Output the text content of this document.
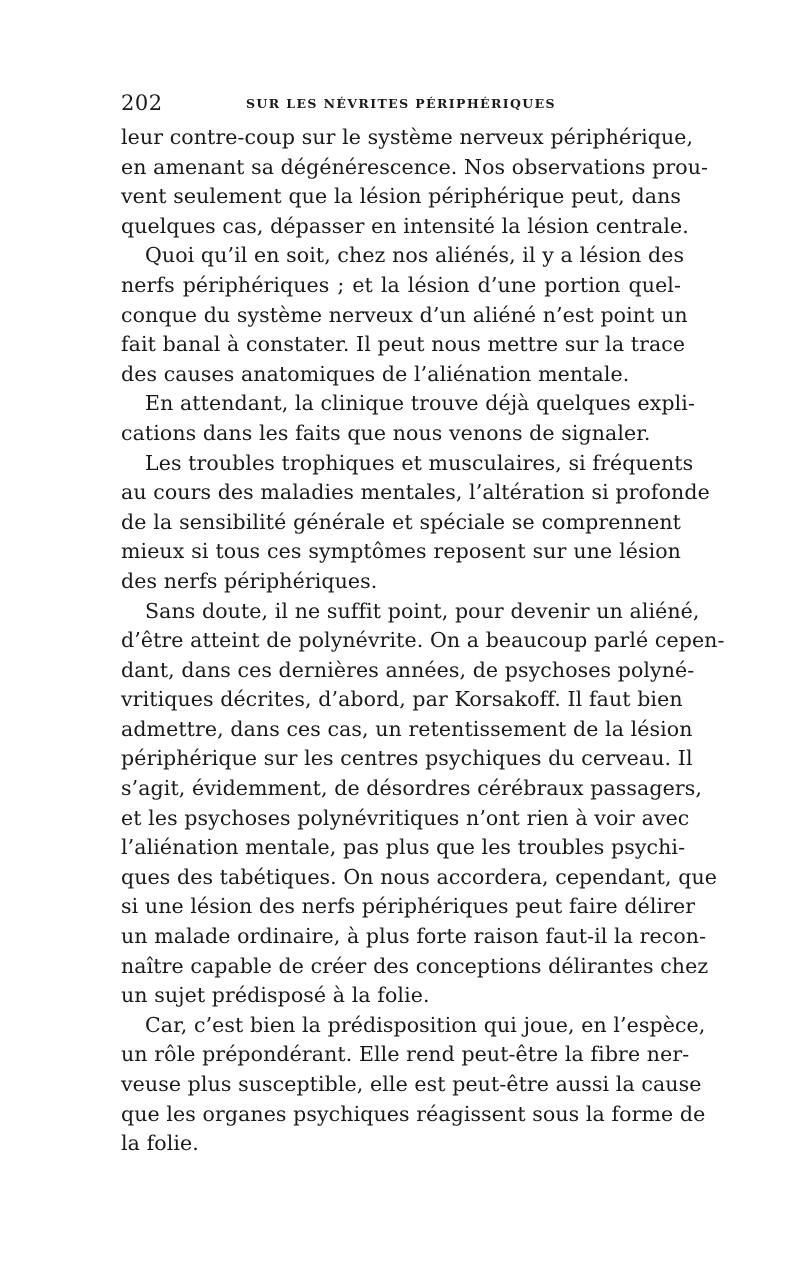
202	SUR LES NÉVRITES PÉRIPHÉRIQUES
leur contre-coup sur le système nerveux périphérique,
en amenant sa dégénérescence. Nos observations prou-
vent seulement que la lésion périphérique peut, dans
quelques cas, dépasser en intensité la lésion centrale.
Quoi qu’il en soit, chez nos aliénés, il y a lésion des
nerfs périphériques ; et la lésion d’une portion quel-
conque du système nerveux d’un aliéné n’est point un
fait banal à constater. Il peut nous mettre sur la trace
des causes anatomiques de l’aliénation mentale.
En attendant, la clinique trouve déjà quelques expli-
cations dans les faits que nous venons de signaler.
Les troubles trophiques et musculaires, si fréquents
au cours des maladies mentales, l’altération si profonde
de la sensibilité générale et spéciale se comprennent
mieux si tous ces symptômes reposent sur une lésion
des nerfs périphériques.
Sans doute, il ne suffit point, pour devenir un aliéné,
d’être atteint de polynévrite. On a beaucoup parlé cepen-
dant, dans ces dernières années, de psychoses polyné-
vritiques décrites, d’abord, par Korsakoff. Il faut bien
admettre, dans ces cas, un retentissement de la lésion
périphérique sur les centres psychiques du cerveau. Il
s’agit, évidemment, de désordres cérébraux passagers,
et les psychoses polynévritiques n’ont rien à voir avec
l’aliénation mentale, pas plus que les troubles psychi-
ques des tabétiques. On nous accordera, cependant, que
si une lésion des nerfs périphériques peut faire délirer
un malade ordinaire, à plus forte raison faut-il la recon-
naître capable de créer des conceptions délirantes chez
un sujet prédisposé à la folie.
Car, c’est bien la prédisposition qui joue, en l’espèce,
un rôle prépondérant. Elle rend peut-être la fibre ner-
veuse plus susceptible, elle est peut-être aussi la cause
que les organes psychiques réagissent sous la forme de
la folie.
